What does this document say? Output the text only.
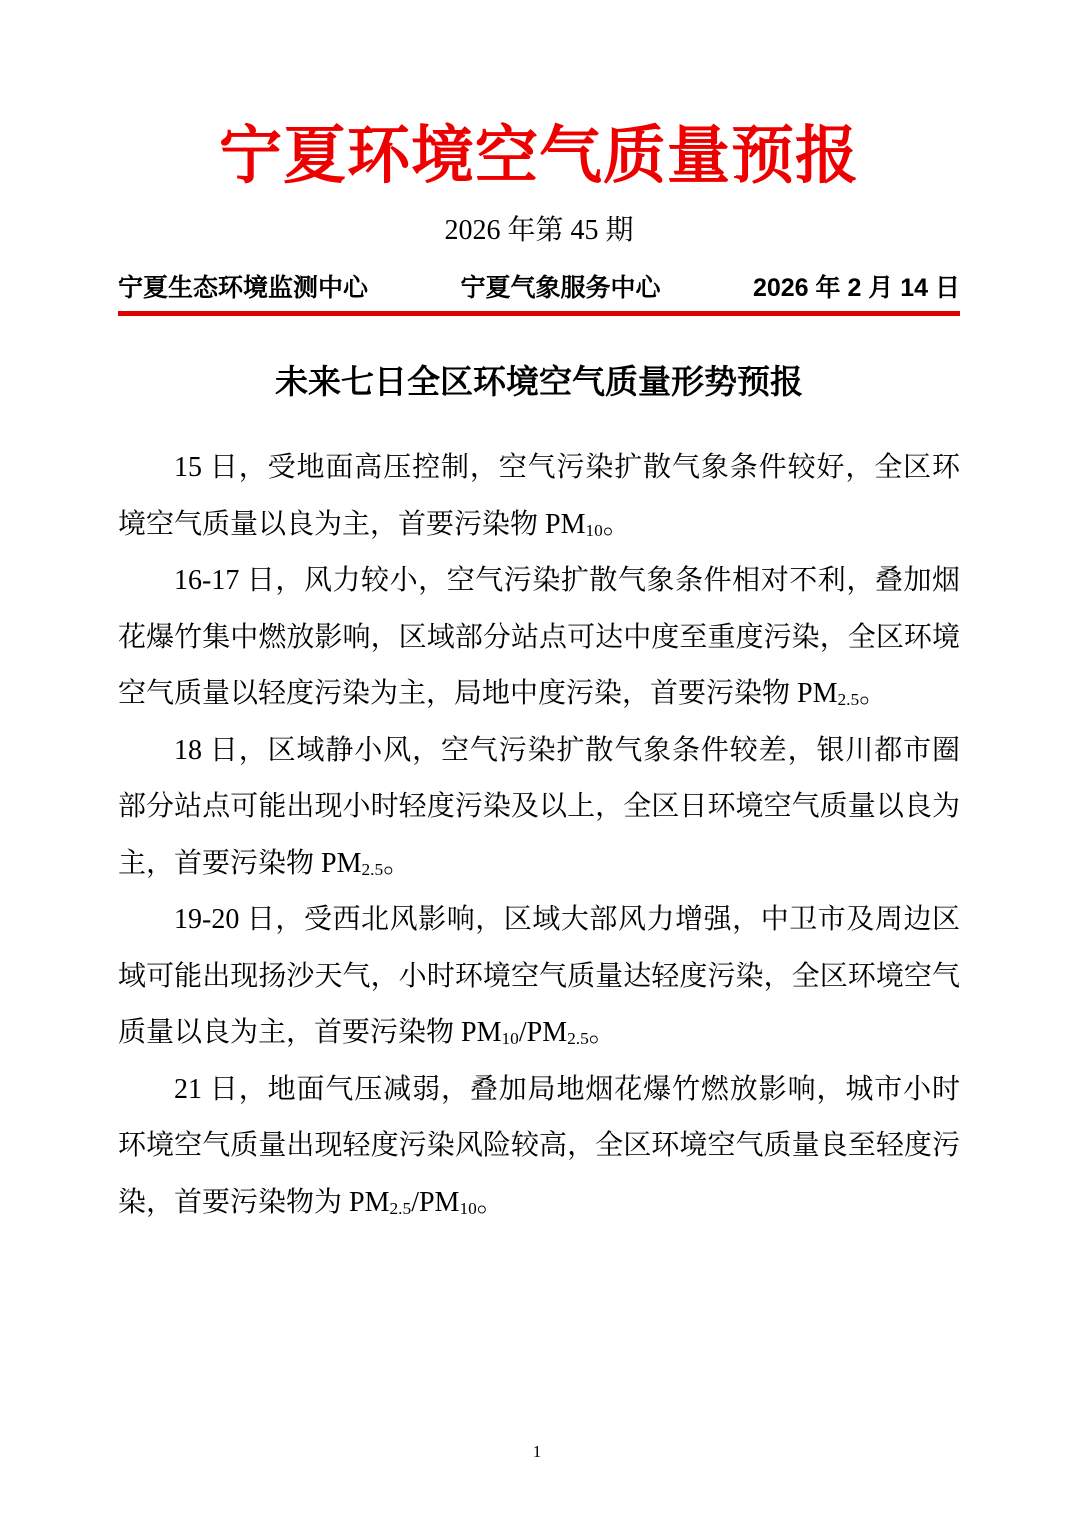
宁夏环境空气质量预报
2026 年第 45 期
宁夏生态环境监测中心	宁夏气象服务中心	2026 年 2 月 14 日
未来七日全区环境空气质量形势预报

15 日，受地面高压控制，空气污染扩散气象条件较好，全区环境空气质量以良为主，首要污染物 $PM_{10}$。

16-17 日，风力较小，空气污染扩散气象条件相对不利，叠加烟花爆竹集中燃放影响，区域部分站点可达中度至重度污染，全区环境空气质量以轻度污染为主，局地中度污染，首要污染物 $PM_{2.5}$。

18 日，区域静小风，空气污染扩散气象条件较差，银川都市圈部分站点可能出现小时轻度污染及以上，全区日环境空气质量以良为主，首要污染物 $PM_{2.5}$。

19-20 日，受西北风影响，区域大部风力增强，中卫市及周边区域可能出现扬沙天气，小时环境空气质量达轻度污染，全区环境空气质量以良为主，首要污染物 $PM_{10}/PM_{2.5}$。

21 日，地面气压减弱，叠加局地烟花爆竹燃放影响，城市小时环境空气质量出现轻度污染风险较高，全区环境空气质量良至轻度污染，首要污染物为 $PM_{2.5}/PM_{10}$。

1
